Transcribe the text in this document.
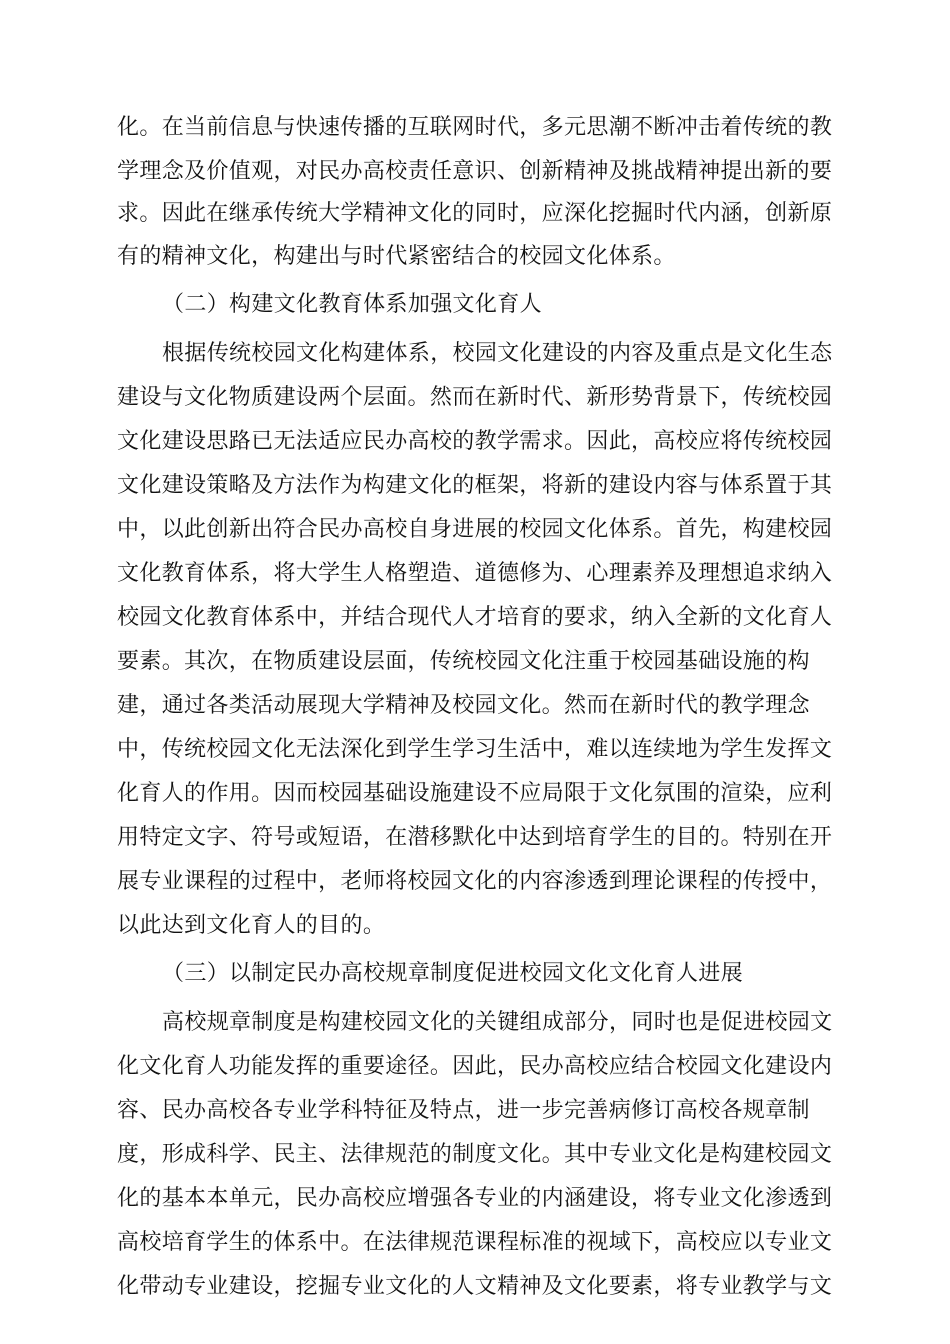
化。在当前信息与快速传播的互联网时代，多元思潮不断冲击着传统的教
学理念及价值观，对民办高校责任意识、创新精神及挑战精神提出新的要
求。因此在继承传统大学精神文化的同时，应深化挖掘时代内涵，创新原
有的精神文化，构建出与时代紧密结合的校园文化体系。
（二）构建文化教育体系加强文化育人
根据传统校园文化构建体系，校园文化建设的内容及重点是文化生态
建设与文化物质建设两个层面。然而在新时代、新形势背景下，传统校园
文化建设思路已无法适应民办高校的教学需求。因此，高校应将传统校园
文化建设策略及方法作为构建文化的框架，将新的建设内容与体系置于其
中，以此创新出符合民办高校自身进展的校园文化体系。首先，构建校园
文化教育体系，将大学生人格塑造、道德修为、心理素养及理想追求纳入
校园文化教育体系中，并结合现代人才培育的要求，纳入全新的文化育人
要素。其次，在物质建设层面，传统校园文化注重于校园基础设施的构
建，通过各类活动展现大学精神及校园文化。然而在新时代的教学理念
中，传统校园文化无法深化到学生学习生活中，难以连续地为学生发挥文
化育人的作用。因而校园基础设施建设不应局限于文化氛围的渲染，应利
用特定文字、符号或短语，在潜移默化中达到培育学生的目的。特别在开
展专业课程的过程中，老师将校园文化的内容渗透到理论课程的传授中，
以此达到文化育人的目的。
（三）以制定民办高校规章制度促进校园文化文化育人进展
高校规章制度是构建校园文化的关键组成部分，同时也是促进校园文
化文化育人功能发挥的重要途径。因此，民办高校应结合校园文化建设内
容、民办高校各专业学科特征及特点，进一步完善病修订高校各规章制
度，形成科学、民主、法律规范的制度文化。其中专业文化是构建校园文
化的基本本单元，民办高校应增强各专业的内涵建设，将专业文化渗透到
高校培育学生的体系中。在法律规范课程标准的视域下，高校应以专业文
化带动专业建设，挖掘专业文化的人文精神及文化要素，将专业教学与文
